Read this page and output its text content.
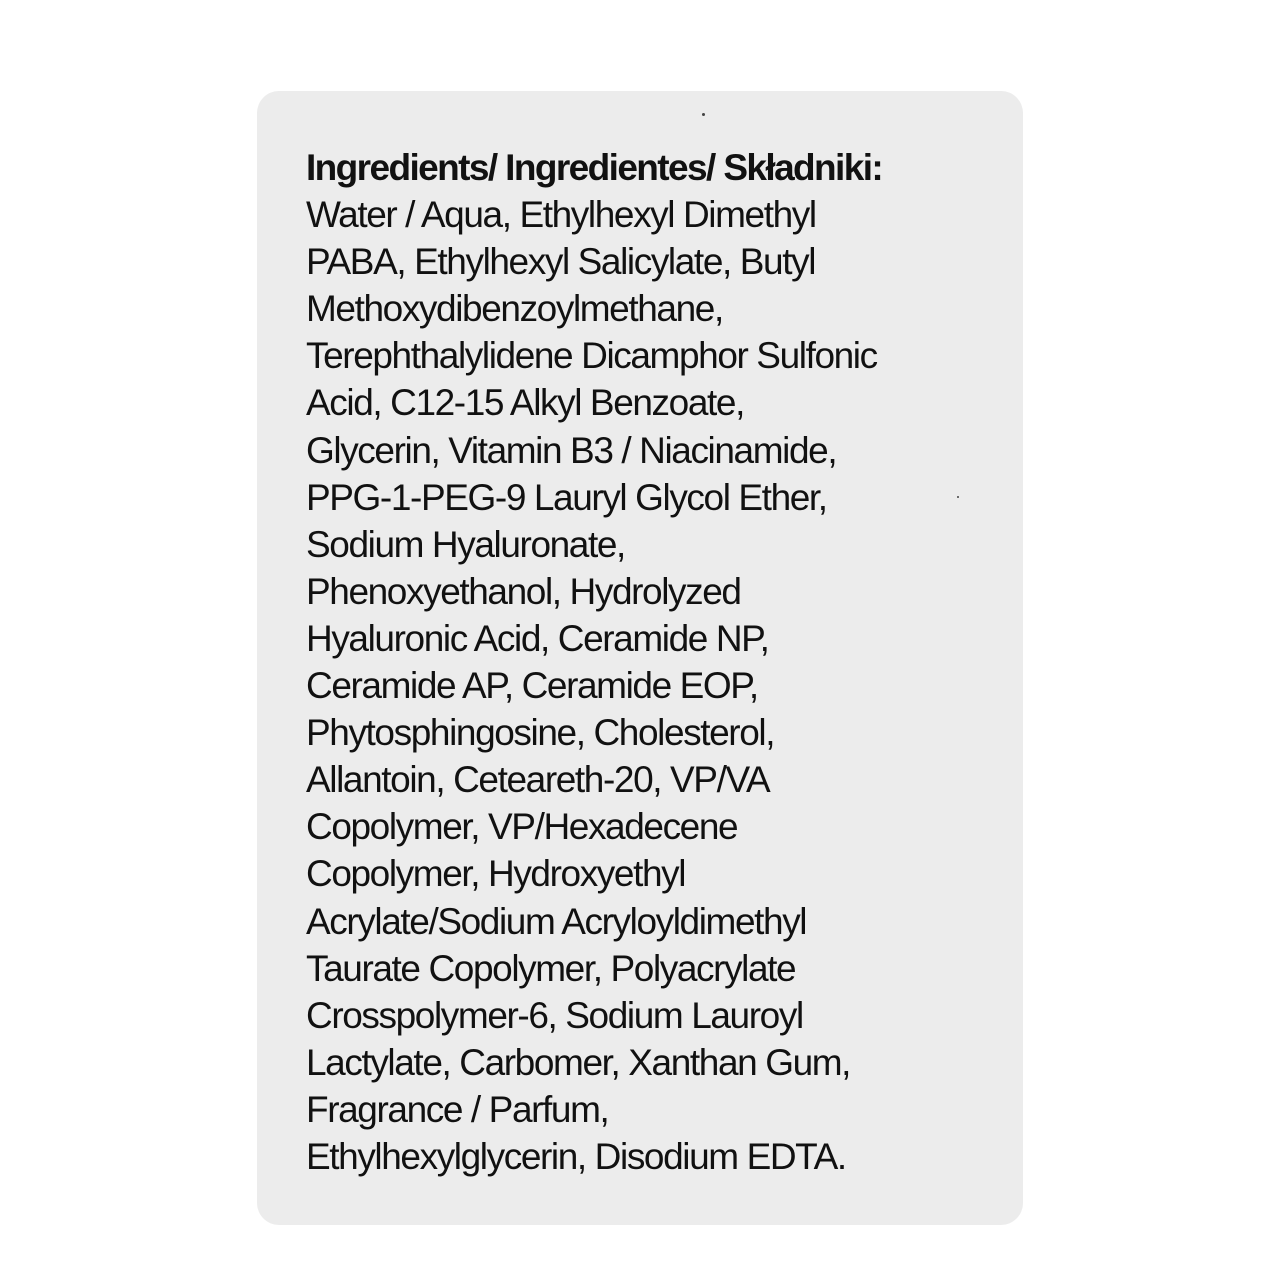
Ingredients/ Ingredientes/ Składniki:
Water / Aqua, Ethylhexyl Dimethyl
PABA, Ethylhexyl Salicylate, Butyl
Methoxydibenzoylmethane,
Terephthalylidene Dicamphor Sulfonic
Acid, C12-15 Alkyl Benzoate,
Glycerin, Vitamin B3 / Niacinamide,
PPG-1-PEG-9 Lauryl Glycol Ether,
Sodium Hyaluronate,
Phenoxyethanol, Hydrolyzed
Hyaluronic Acid, Ceramide NP,
Ceramide AP, Ceramide EOP,
Phytosphingosine, Cholesterol,
Allantoin, Ceteareth-20, VP/VA
Copolymer, VP/Hexadecene
Copolymer, Hydroxyethyl
Acrylate/Sodium Acryloyldimethyl
Taurate Copolymer, Polyacrylate
Crosspolymer-6, Sodium Lauroyl
Lactylate, Carbomer, Xanthan Gum,
Fragrance / Parfum,
Ethylhexylglycerin, Disodium EDTA.
